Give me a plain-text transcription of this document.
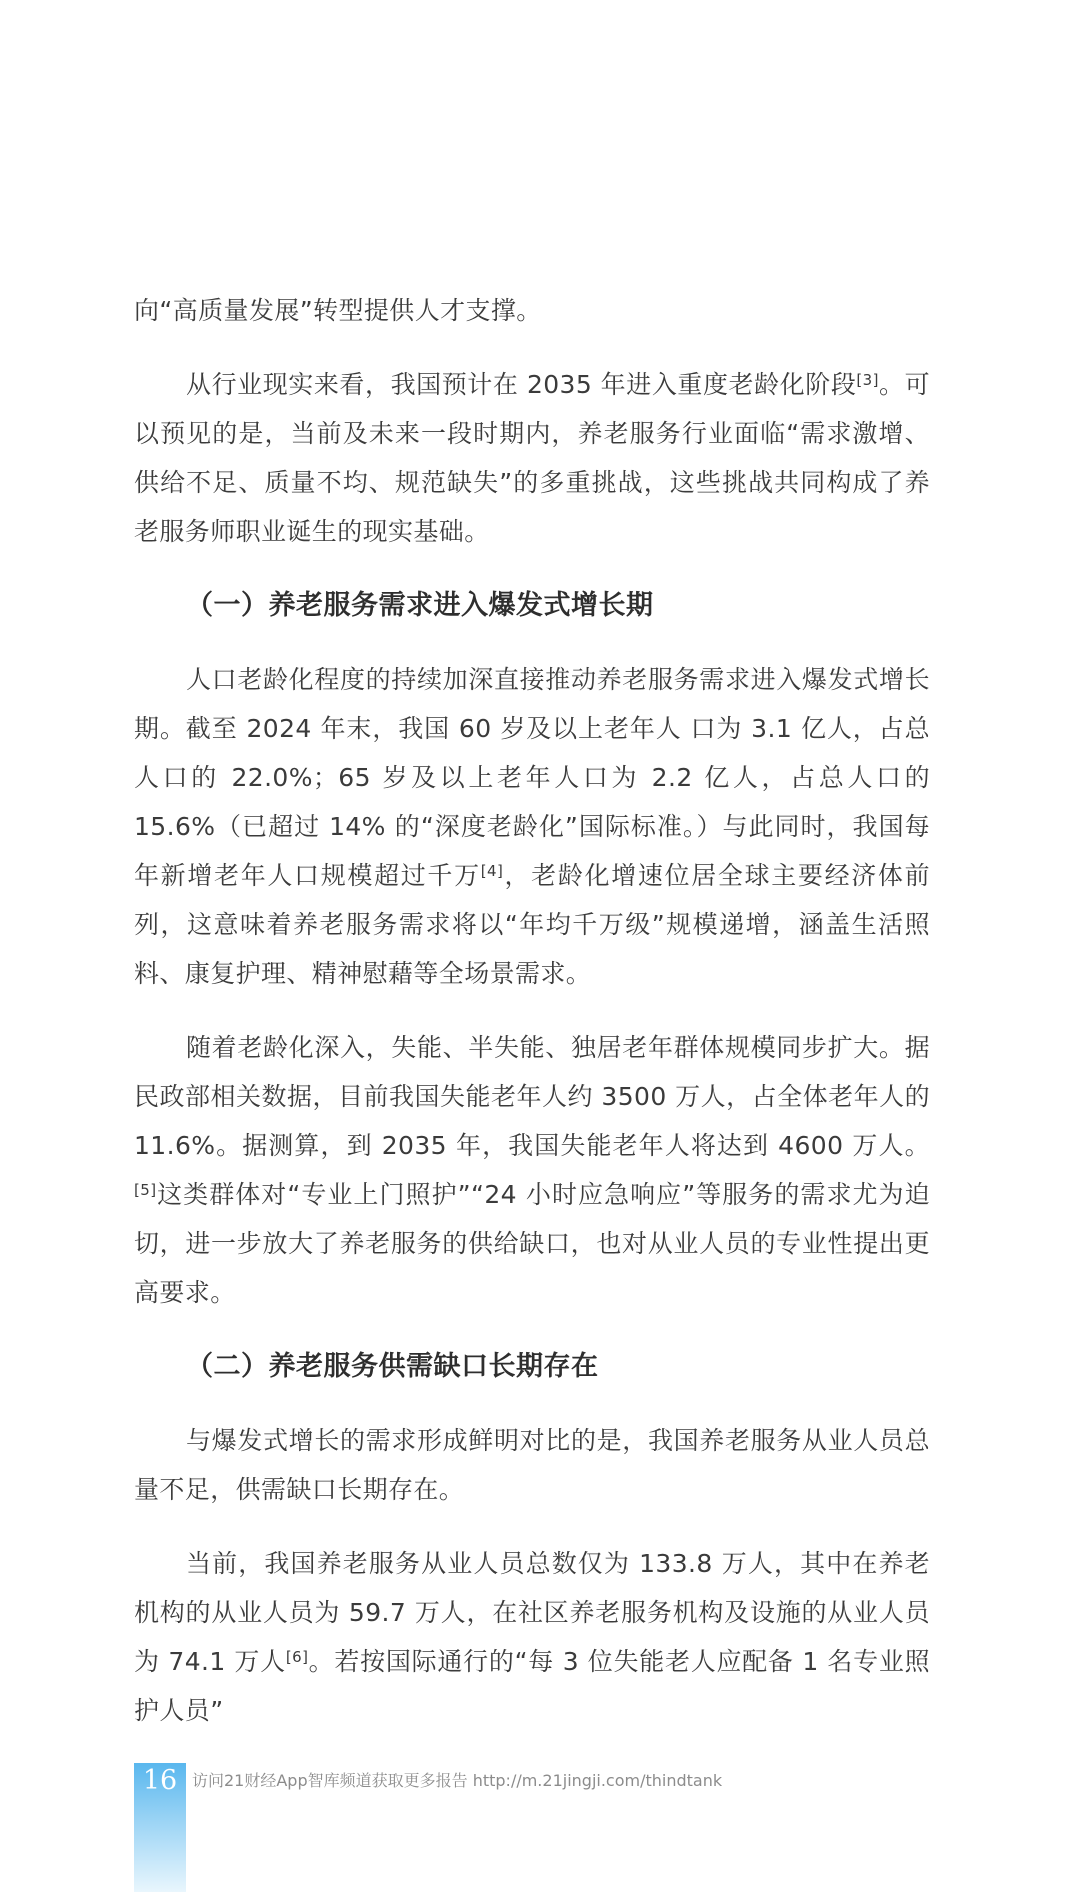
向“高质量发展”转型提供人才支撑。

从行业现实来看，我国预计在 2035 年进入重度老龄化阶段[3]。可以预见的是，当前及未来一段时期内，养老服务行业面临“需求激增、供给不足、质量不均、规范缺失”的多重挑战，这些挑战共同构成了养老服务师职业诞生的现实基础。

（一）养老服务需求进入爆发式增长期

人口老龄化程度的持续加深直接推动养老服务需求进入爆发式增长期。截至 2024 年末，我国 60 岁及以上老年人 口为 3.1 亿人，占总人口的 22.0%；65 岁及以上老年人口为 2.2 亿人，占总人口的 15.6%（已超过 14% 的“深度老龄化”国际标准。）与此同时，我国每年新增老年人口规模超过千万[4]，老龄化增速位居全球主要经济体前列，这意味着养老服务需求将以“年均千万级”规模递增，涵盖生活照料、康复护理、精神慰藉等全场景需求。

随着老龄化深入，失能、半失能、独居老年群体规模同步扩大。据民政部相关数据，目前我国失能老年人约 3500 万人，占全体老年人的 11.6%。据测算，到 2035 年，我国失能老年人将达到 4600 万人。[5]这类群体对“专业上门照护”“24 小时应急响应”等服务的需求尤为迫切，进一步放大了养老服务的供给缺口，也对从业人员的专业性提出更高要求。

（二）养老服务供需缺口长期存在

与爆发式增长的需求形成鲜明对比的是，我国养老服务从业人员总量不足，供需缺口长期存在。

当前，我国养老服务从业人员总数仅为 133.8 万人，其中在养老机构的从业人员为 59.7 万人，在社区养老服务机构及设施的从业人员为 74.1 万人[6]。若按国际通行的“每 3 位失能老人应配备 1 名专业照护人员”

16 访问21财经App智库频道获取更多报告 http://m.21jingji.com/thindtank
